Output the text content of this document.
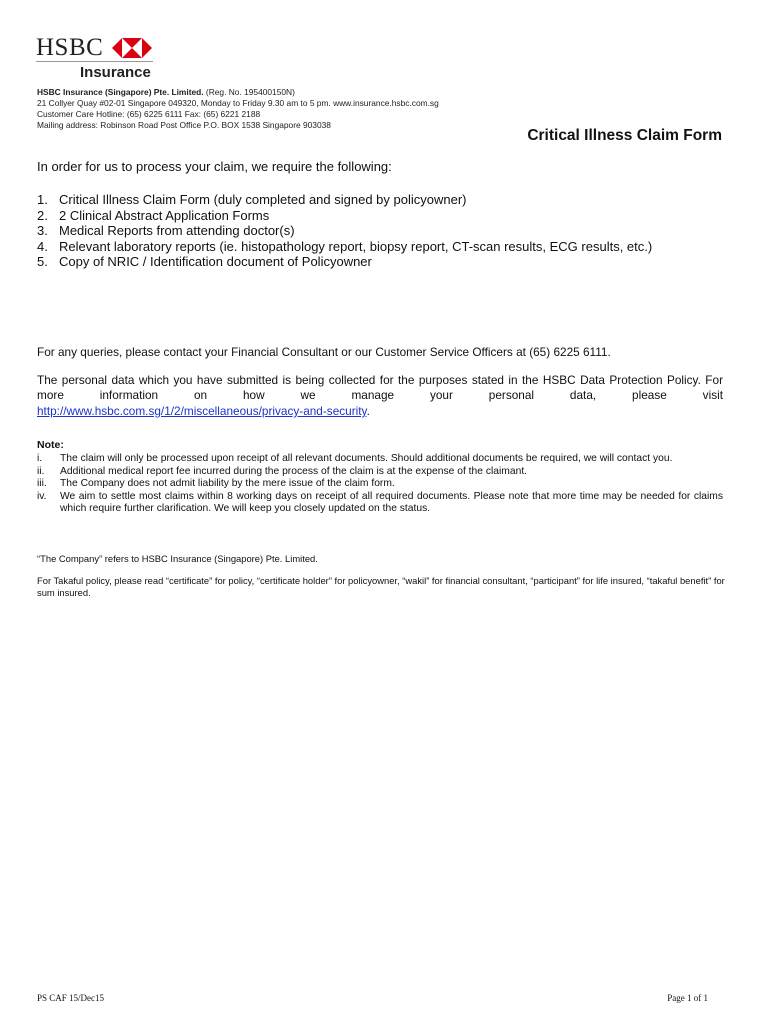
HSBC
Insurance
HSBC Insurance (Singapore) Pte. Limited. (Reg. No. 195400150N)
21 Collyer Quay #02-01 Singapore 049320, Monday to Friday 9.30 am to 5 pm. www.insurance.hsbc.com.sg
Customer Care Hotline: (65) 6225 6111 Fax: (65) 6221 2188
Mailing address: Robinson Road Post Office P.O. BOX 1538 Singapore 903038
Critical Illness Claim Form
In order for us to process your claim, we require the following:
1. Critical Illness Claim Form (duly completed and signed by policyowner)
2. 2 Clinical Abstract Application Forms
3. Medical Reports from attending doctor(s)
4. Relevant laboratory reports (ie. histopathology report, biopsy report, CT-scan results, ECG results, etc.)
5. Copy of NRIC / Identification document of Policyowner
For any queries, please contact your Financial Consultant or our Customer Service Officers at (65) 6225 6111.
The personal data which you have submitted is being collected for the purposes stated in the HSBC Data Protection Policy. For more information on how we manage your personal data, please visit
http://www.hsbc.com.sg/1/2/miscellaneous/privacy-and-security.
Note:
i.	The claim will only be processed upon receipt of all relevant documents. Should additional documents be required, we will contact you.
ii.	Additional medical report fee incurred during the process of the claim is at the expense of the claimant.
iii.	The Company does not admit liability by the mere issue of the claim form.
iv.	We aim to settle most claims within 8 working days on receipt of all required documents. Please note that more time may be needed for claims which require further clarification. We will keep you closely updated on the status.
“The Company” refers to HSBC Insurance (Singapore) Pte. Limited.
For Takaful policy, please read “certificate” for policy, “certificate holder” for policyowner, “wakil” for financial consultant, “participant” for life insured, “takaful benefit” for sum insured.
PS CAF 15/Dec15	Page 1 of 1
